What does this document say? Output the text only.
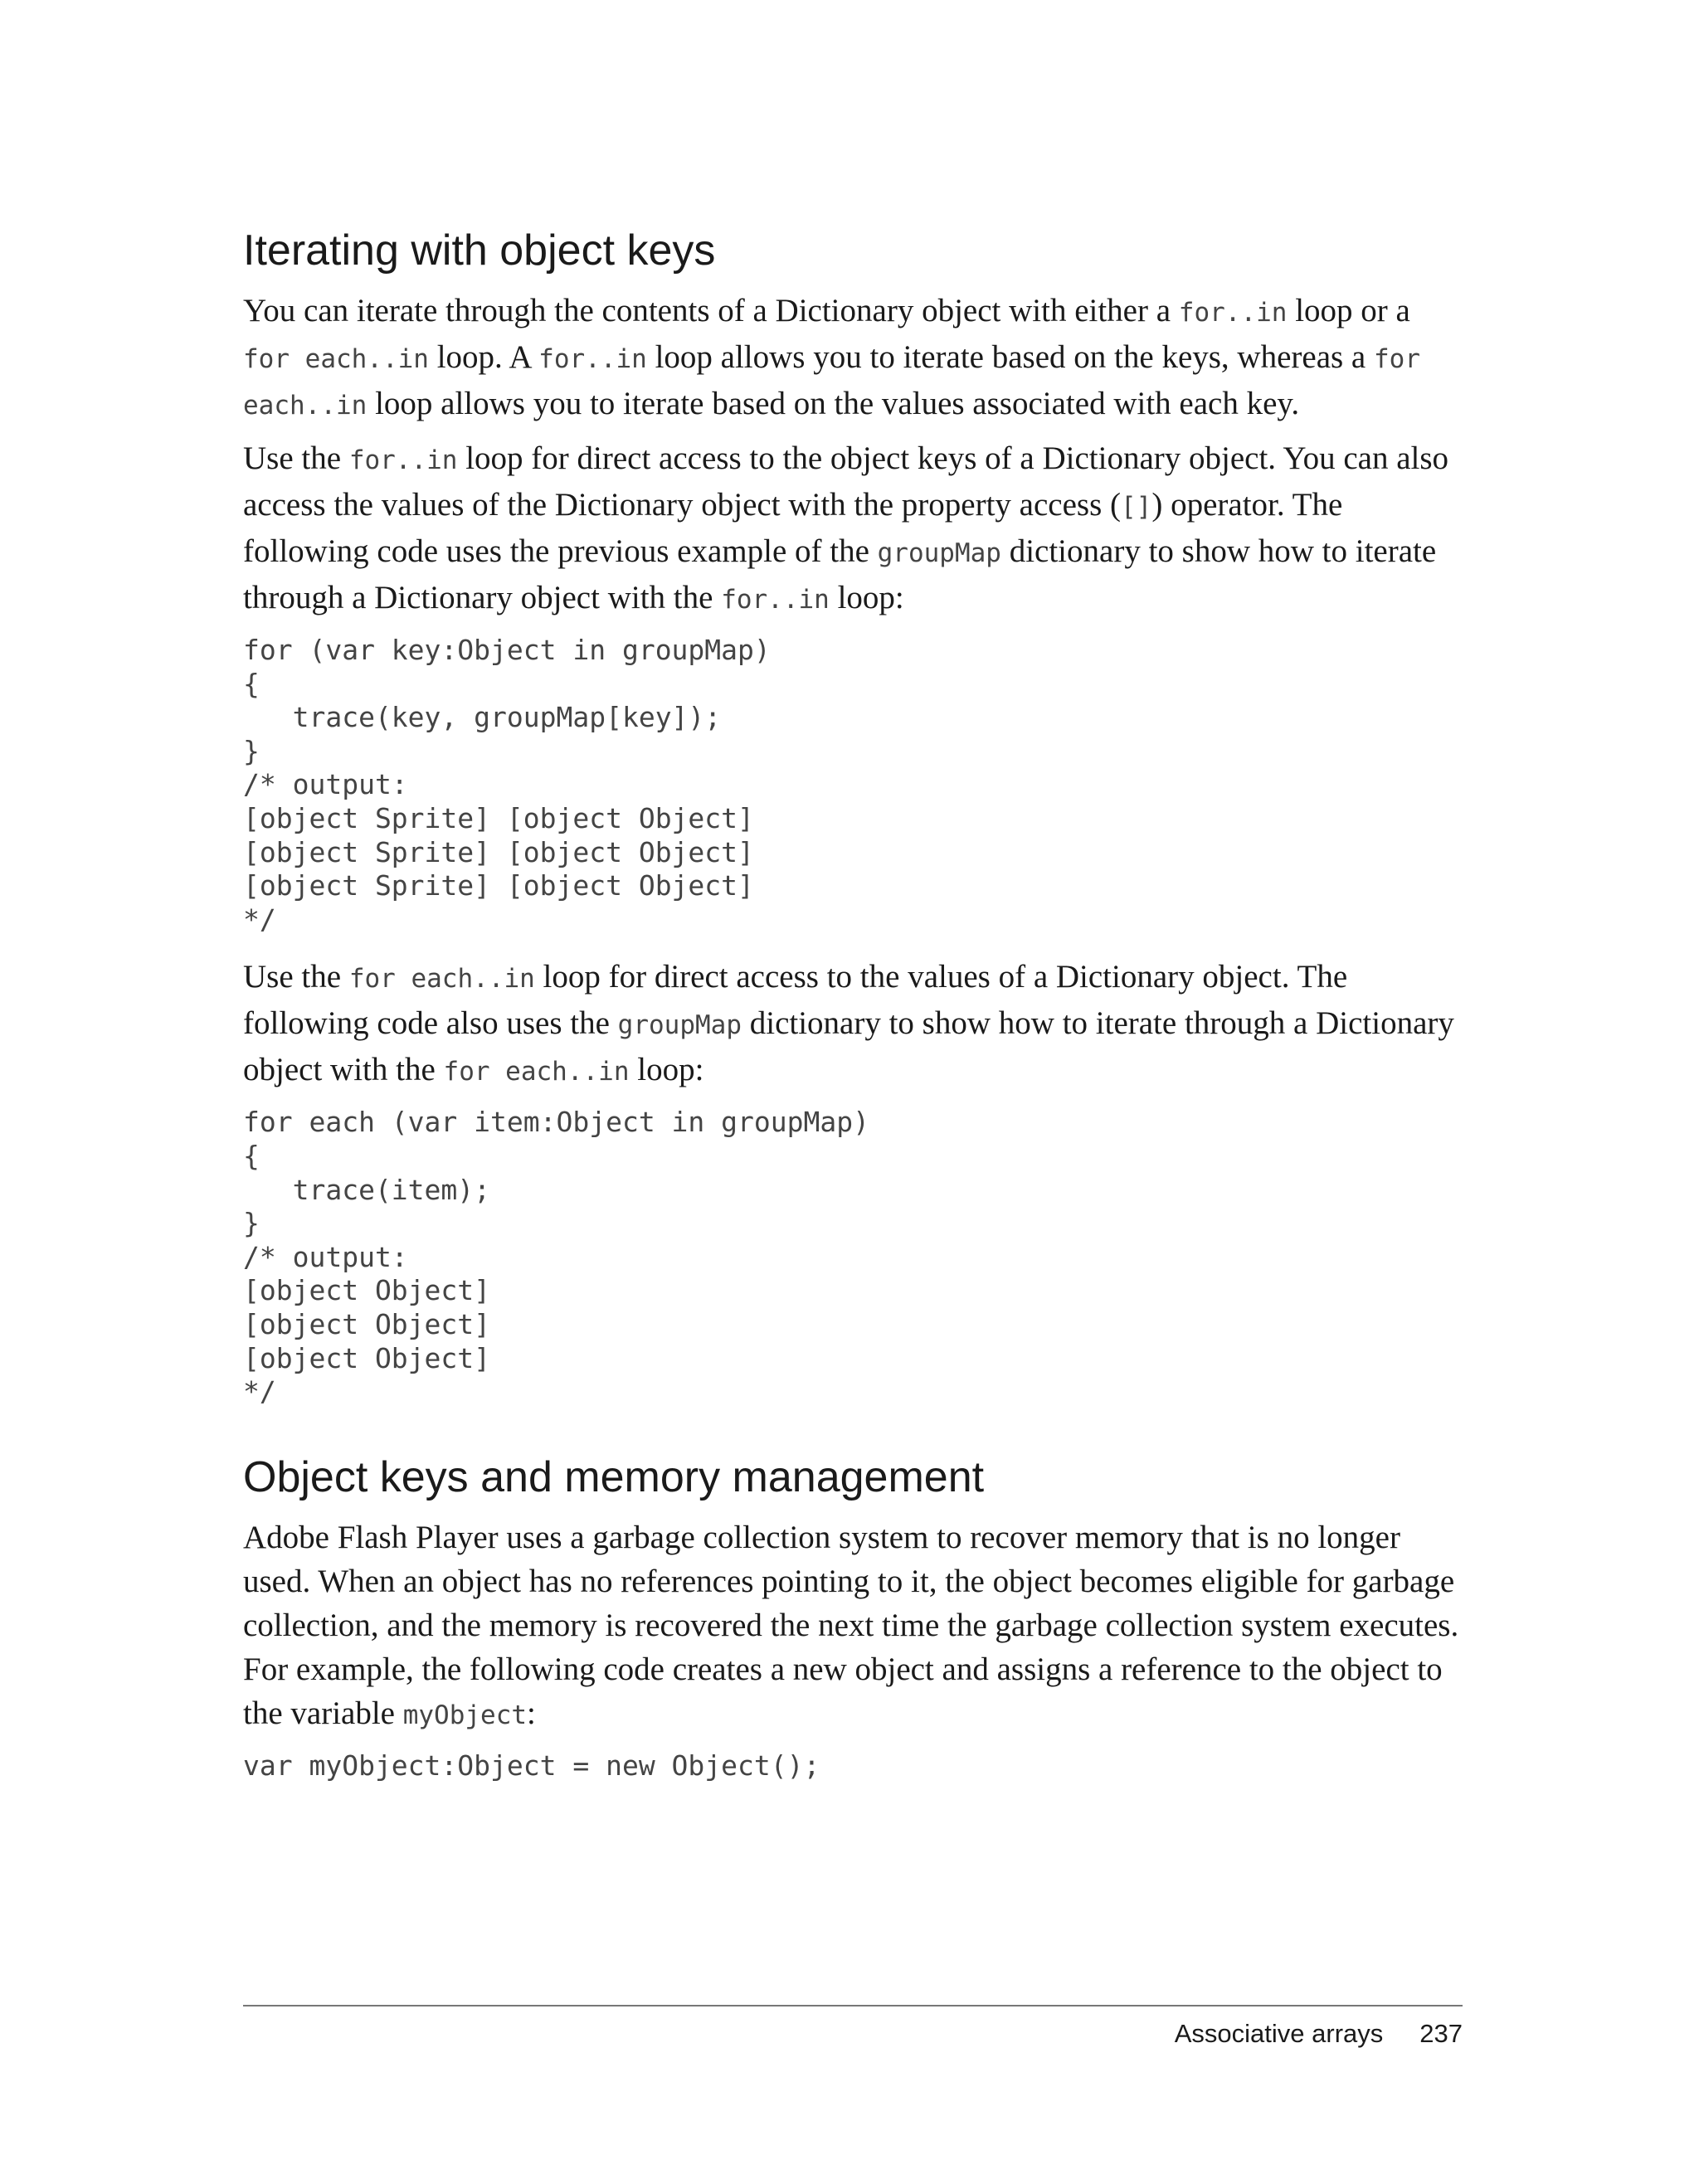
Iterating with object keys

You can iterate through the contents of a Dictionary object with either a for..in loop or a for each..in loop. A for..in loop allows you to iterate based on the keys, whereas a for each..in loop allows you to iterate based on the values associated with each key.

Use the for..in loop for direct access to the object keys of a Dictionary object. You can also access the values of the Dictionary object with the property access ([]) operator. The following code uses the previous example of the groupMap dictionary to show how to iterate through a Dictionary object with the for..in loop:

for (var key:Object in groupMap)
{
trace(key, groupMap[key]);
}
/* output:
[object Sprite] [object Object]
[object Sprite] [object Object]
[object Sprite] [object Object]
*/

Use the for each..in loop for direct access to the values of a Dictionary object. The following code also uses the groupMap dictionary to show how to iterate through a Dictionary object with the for each..in loop:

for each (var item:Object in groupMap)
{
trace(item);
}
/* output:
[object Object]
[object Object]
[object Object]
*/
Object keys and memory management

Adobe Flash Player uses a garbage collection system to recover memory that is no longer used. When an object has no references pointing to it, the object becomes eligible for garbage collection, and the memory is recovered the next time the garbage collection system executes. For example, the following code creates a new object and assigns a reference to the object to the variable myObject:

var myObject:Object = new Object();
Associative arrays 237
